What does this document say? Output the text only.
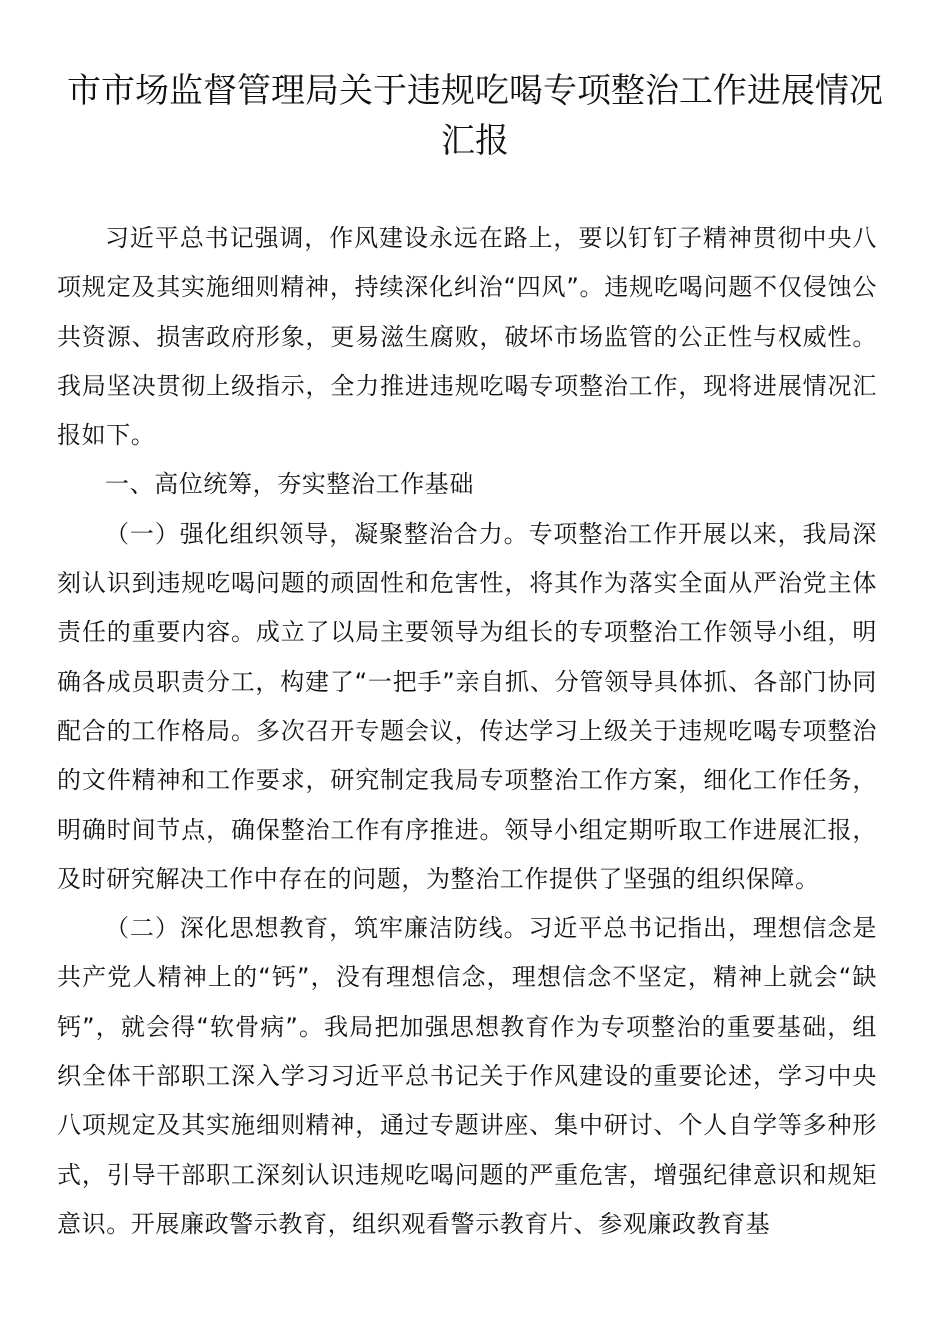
市市场监督管理局关于违规吃喝专项整治工作进展情况汇报

习近平总书记强调，作风建设永远在路上，要以钉钉子精神贯彻中央八项规定及其实施细则精神，持续深化纠治“四风”。违规吃喝问题不仅侵蚀公共资源、损害政府形象，更易滋生腐败，破坏市场监管的公正性与权威性。我局坚决贯彻上级指示，全力推进违规吃喝专项整治工作，现将进展情况汇报如下。

一、高位统筹，夯实整治工作基础

（一）强化组织领导，凝聚整治合力。专项整治工作开展以来，我局深刻认识到违规吃喝问题的顽固性和危害性，将其作为落实全面从严治党主体责任的重要内容。成立了以局主要领导为组长的专项整治工作领导小组，明确各成员职责分工，构建了“一把手”亲自抓、分管领导具体抓、各部门协同配合的工作格局。多次召开专题会议，传达学习上级关于违规吃喝专项整治的文件精神和工作要求，研究制定我局专项整治工作方案，细化工作任务，明确时间节点，确保整治工作有序推进。领导小组定期听取工作进展汇报，及时研究解决工作中存在的问题，为整治工作提供了坚强的组织保障。

（二）深化思想教育，筑牢廉洁防线。习近平总书记指出，理想信念是共产党人精神上的“钙”，没有理想信念，理想信念不坚定，精神上就会“缺钙”，就会得“软骨病”。我局把加强思想教育作为专项整治的重要基础，组织全体干部职工深入学习习近平总书记关于作风建设的重要论述，学习中央八项规定及其实施细则精神，通过专题讲座、集中研讨、个人自学等多种形式，引导干部职工深刻认识违规吃喝问题的严重危害，增强纪律意识和规矩意识。开展廉政警示教育，组织观看警示教育片、参观廉政教育基
